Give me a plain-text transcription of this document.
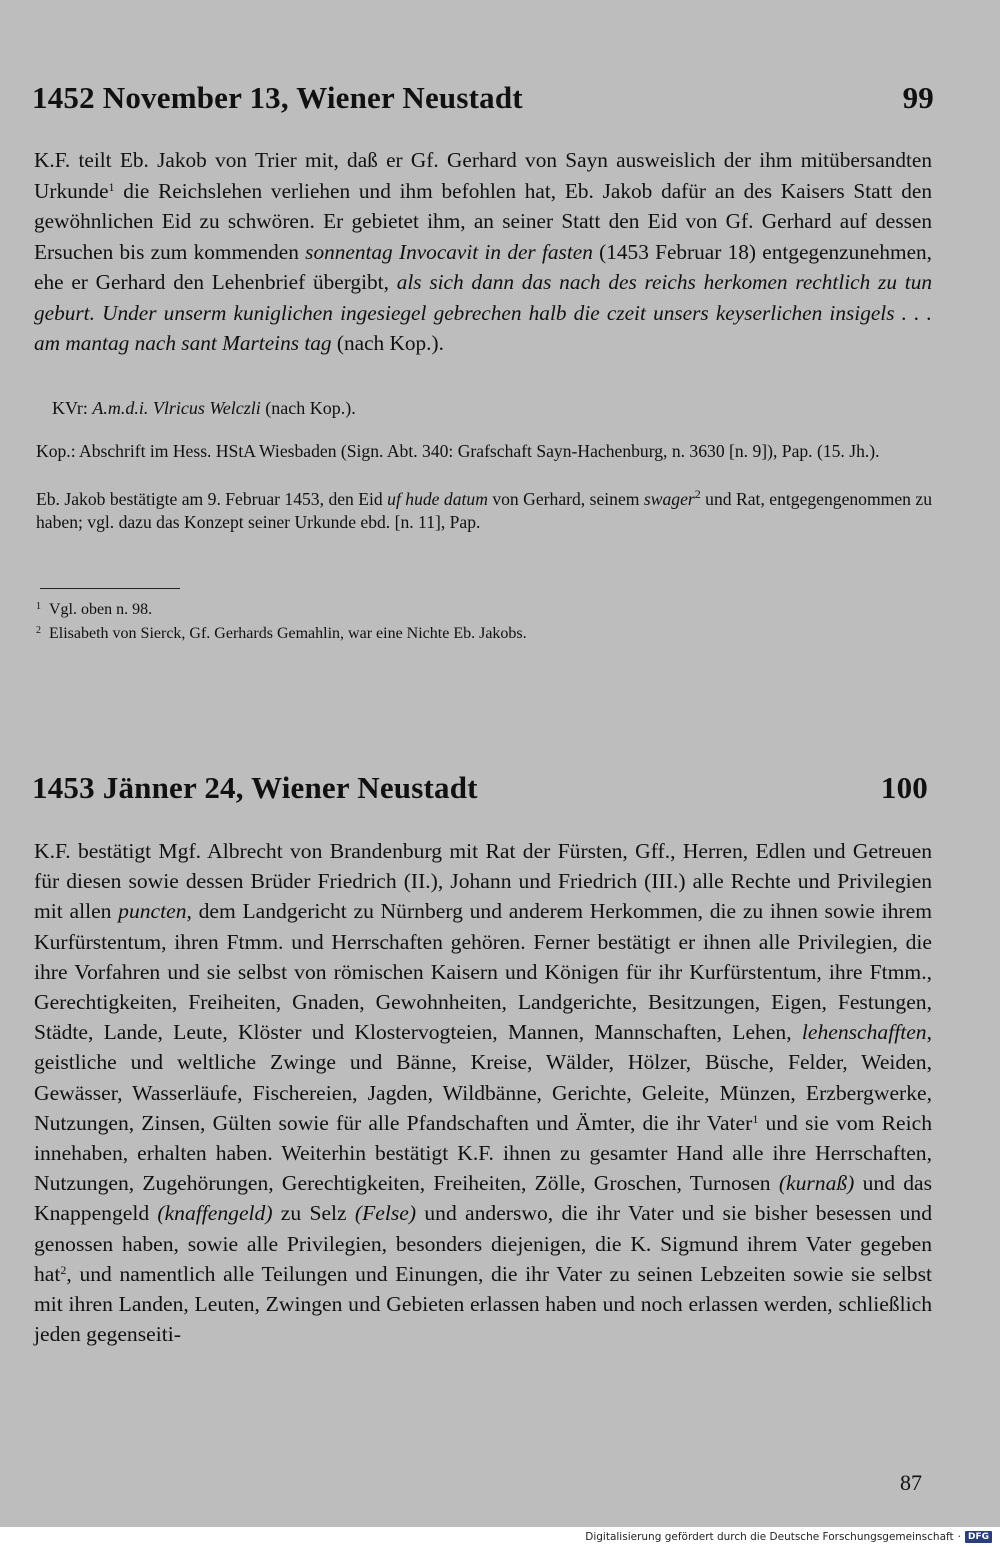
1452 November 13, Wiener Neustadt	99

K.F. teilt Eb. Jakob von Trier mit, daß er Gf. Gerhard von Sayn ausweislich der ihm mitübersandten Urkunde$^1$ die Reichslehen verliehen und ihm befohlen hat, Eb. Jakob dafür an des Kaisers Statt den gewöhnlichen Eid zu schwören. Er gebietet ihm, an seiner Statt den Eid von Gf. Gerhard auf dessen Ersuchen bis zum kommenden sonnentag Invocavit in der fasten (1453 Februar 18) entgegenzunehmen, ehe er Gerhard den Lehenbrief übergibt, als sich dann das nach des reichs herkomen rechtlich zu tun geburt. Under unserm kuniglichen ingesiegel gebrechen halb die czeit unsers keyserlichen insigels . . . am mantag nach sant Marteins tag (nach Kop.).

KVr: A.m.d.i. Vlricus Welczli (nach Kop.).
Kop.: Abschrift im Hess. HStA Wiesbaden (Sign. Abt. 340: Grafschaft Sayn-Hachenburg, n. 3630 [n. 9]), Pap. (15. Jh.).
Eb. Jakob bestätigte am 9. Februar 1453, den Eid uf hude datum von Gerhard, seinem swager$^2$ und Rat, entgegengenommen zu haben; vgl. dazu das Konzept seiner Urkunde ebd. [n. 11], Pap.
$^1$ Vgl. oben n. 98.
$^2$ Elisabeth von Sierck, Gf. Gerhards Gemahlin, war eine Nichte Eb. Jakobs.
1453 Jänner 24, Wiener Neustadt	100

K.F. bestätigt Mgf. Albrecht von Brandenburg mit Rat der Fürsten, Gff., Herren, Edlen und Getreuen für diesen sowie dessen Brüder Friedrich (II.), Johann und Friedrich (III.) alle Rechte und Privilegien mit allen puncten, dem Landgericht zu Nürnberg und anderem Herkommen, die zu ihnen sowie ihrem Kurfürstentum, ihren Ftmm. und Herrschaften gehören. Ferner bestätigt er ihnen alle Privilegien, die ihre Vorfahren und sie selbst von römischen Kaisern und Königen für ihr Kurfürstentum, ihre Ftmm., Gerechtigkeiten, Freiheiten, Gnaden, Gewohnheiten, Landgerichte, Besitzungen, Eigen, Festungen, Städte, Lande, Leute, Klöster und Klostervogteien, Mannen, Mannschaften, Lehen, lehenschafften, geistliche und weltliche Zwinge und Bänne, Kreise, Wälder, Hölzer, Büsche, Felder, Weiden, Gewässer, Wasserläufe, Fischereien, Jagden, Wildbänne, Gerichte, Geleite, Münzen, Erzbergwerke, Nutzungen, Zinsen, Gülten sowie für alle Pfandschaften und Ämter, die ihr Vater$^1$ und sie vom Reich innehaben, erhalten haben. Weiterhin bestätigt K.F. ihnen zu gesamter Hand alle ihre Herrschaften, Nutzungen, Zugehörungen, Gerechtigkeiten, Freiheiten, Zölle, Groschen, Turnosen (kurnaß) und das Knappengeld (knaffengeld) zu Selz (Felse) und anderswo, die ihr Vater und sie bisher besessen und genossen haben, sowie alle Privilegien, besonders diejenigen, die K. Sigmund ihrem Vater gegeben hat$^2$, und namentlich alle Teilungen und Einungen, die ihr Vater zu seinen Lebzeiten sowie sie selbst mit ihren Landen, Leuten, Zwingen und Gebieten erlassen haben und noch erlassen werden, schließlich jeden gegenseiti-

87
Digitalisierung gefördert durch die Deutsche Forschungsgemeinschaft · DFG
